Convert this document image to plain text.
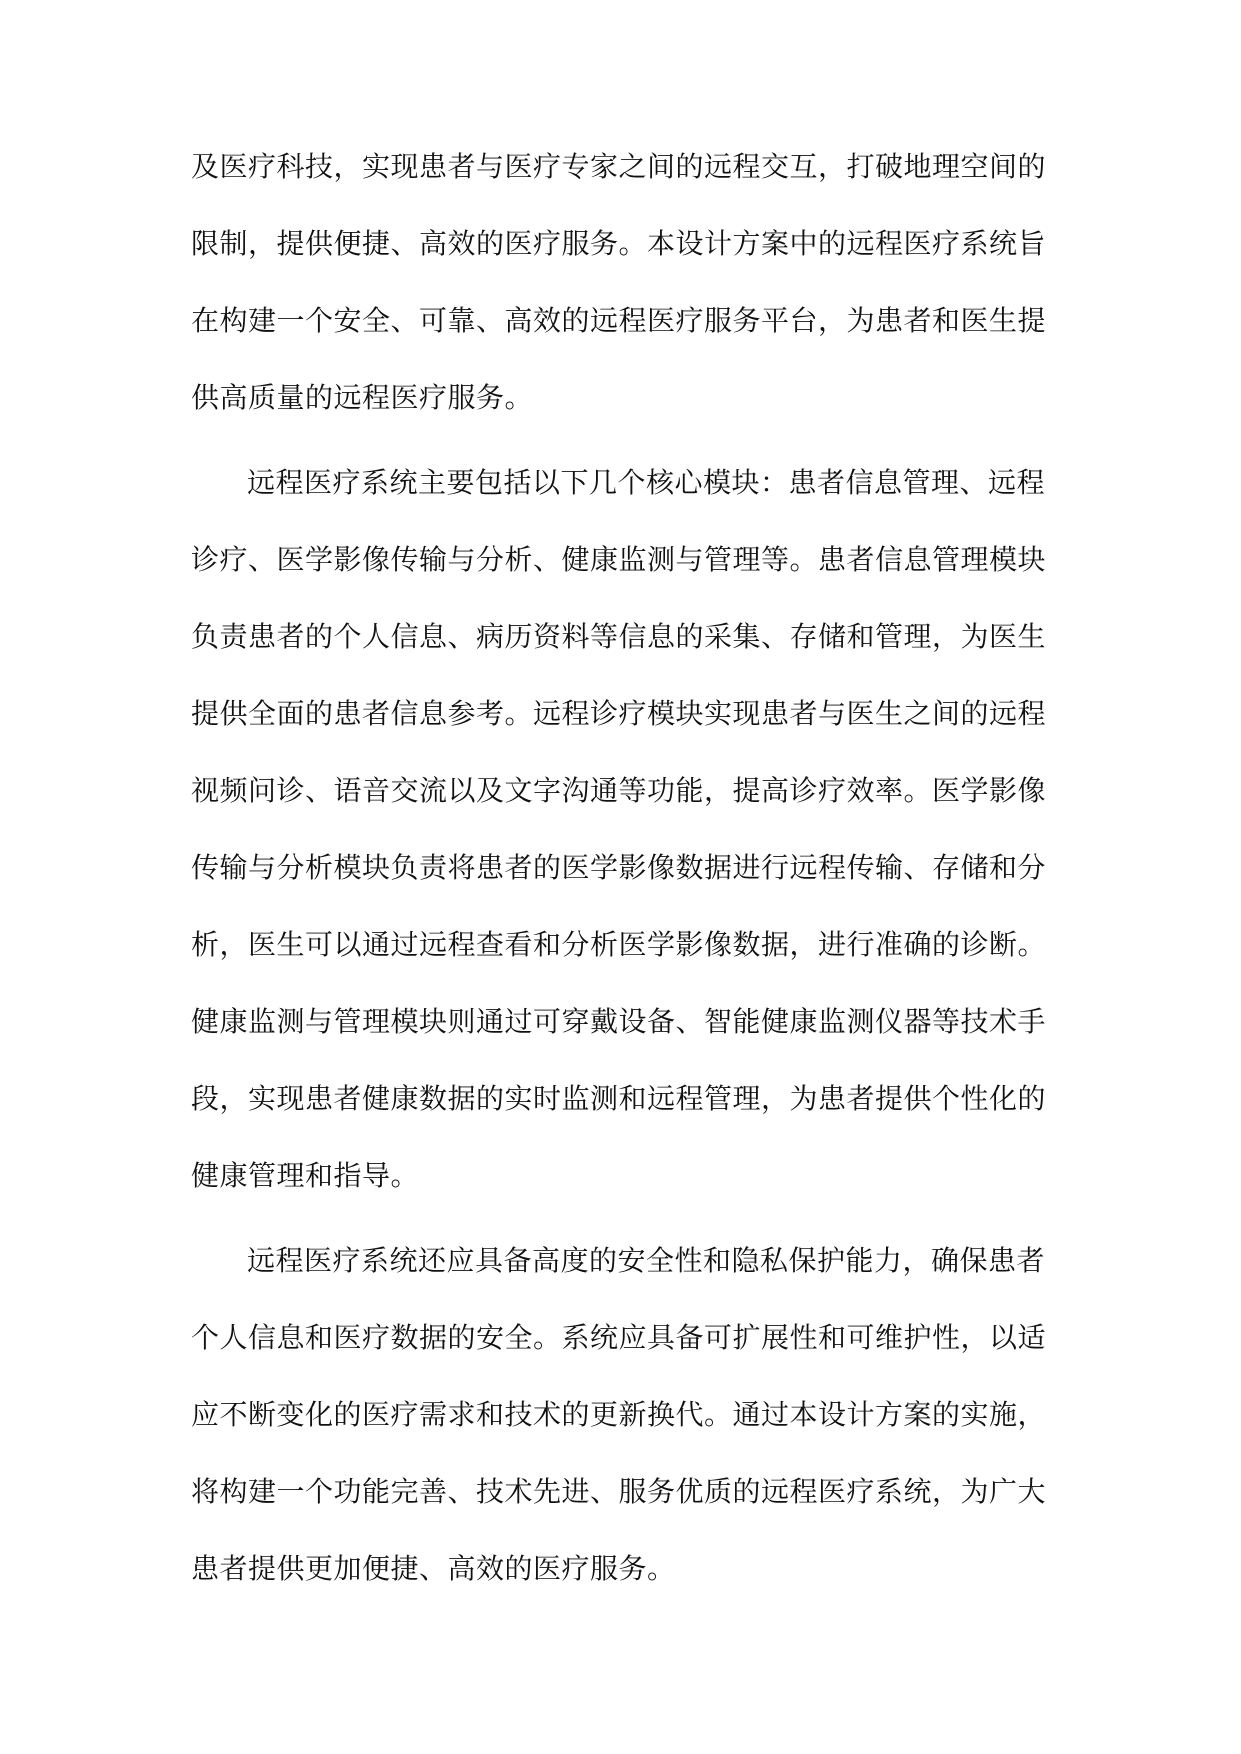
及医疗科技，实现患者与医疗专家之间的远程交互，打破地理空间的
限制，提供便捷、高效的医疗服务。本设计方案中的远程医疗系统旨
在构建一个安全、可靠、高效的远程医疗服务平台，为患者和医生提
供高质量的远程医疗服务。
远程医疗系统主要包括以下几个核心模块：患者信息管理、远程
诊疗、医学影像传输与分析、健康监测与管理等。患者信息管理模块
负责患者的个人信息、病历资料等信息的采集、存储和管理，为医生
提供全面的患者信息参考。远程诊疗模块实现患者与医生之间的远程
视频问诊、语音交流以及文字沟通等功能，提高诊疗效率。医学影像
传输与分析模块负责将患者的医学影像数据进行远程传输、存储和分
析，医生可以通过远程查看和分析医学影像数据，进行准确的诊断。
健康监测与管理模块则通过可穿戴设备、智能健康监测仪器等技术手
段，实现患者健康数据的实时监测和远程管理，为患者提供个性化的
健康管理和指导。
远程医疗系统还应具备高度的安全性和隐私保护能力，确保患者
个人信息和医疗数据的安全。系统应具备可扩展性和可维护性，以适
应不断变化的医疗需求和技术的更新换代。通过本设计方案的实施，
将构建一个功能完善、技术先进、服务优质的远程医疗系统，为广大
患者提供更加便捷、高效的医疗服务。
